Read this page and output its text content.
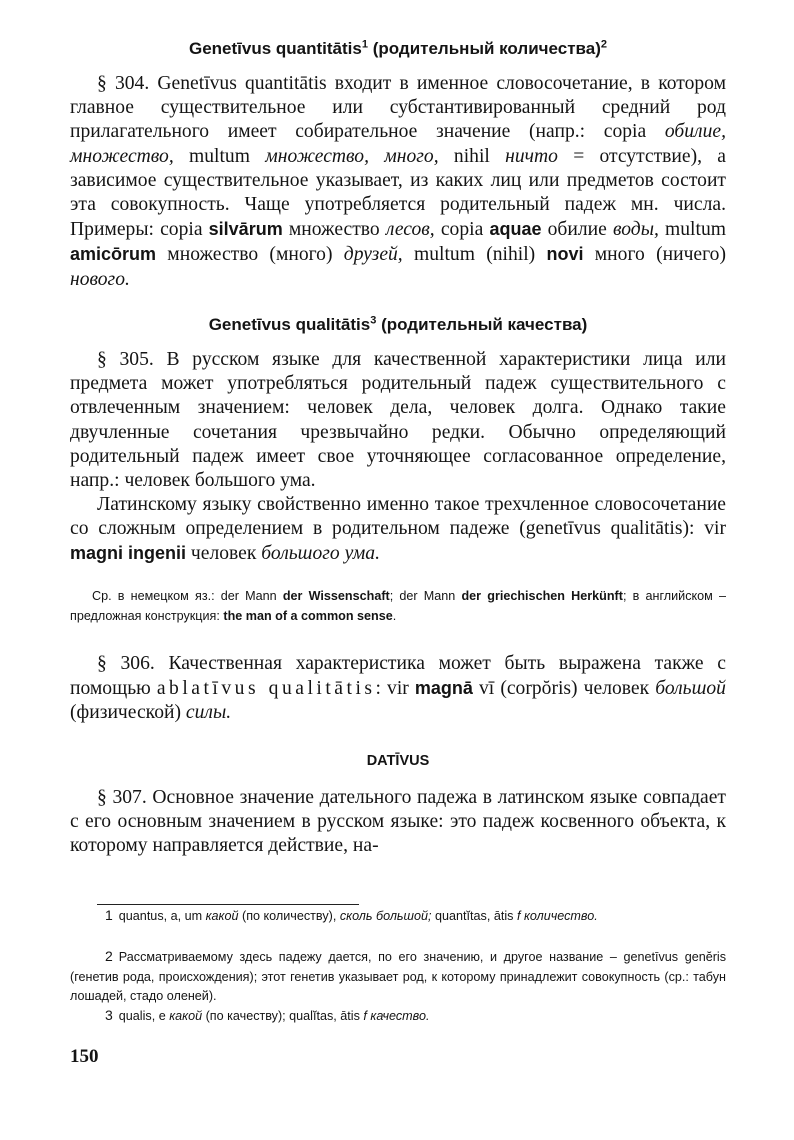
Genetīvus quantitātis$^1$ (родительный количества)$^2$

§ 304. Genetīvus quantitātis входит в именное словосочетание, в котором главное существительное или субстантивированный средний род прилагательного имеет собирательное значение (напр.: copia обилие, множество, multum множество, много, nihil ничто = отсутствие), а зависимое существительное указывает, из каких лиц или предметов состоит эта совокупность. Чаще употребляется родительный падеж мн. числа. Примеры: copia silvārum множество лесов, copia aquae обилие воды, multum amicōrum множество (много) друзей, multum (nihil) novi много (ничего) нового.

Genetīvus qualitātis$^3$ (родительный качества)

§ 305. В русском языке для качественной характеристики лица или предмета может употребляться родительный падеж существительного с отвлеченным значением: человек дела, человек долга. Однако такие двучленные сочетания чрезвычайно редки. Обычно определяющий родительный падеж имеет свое уточняющее согласованное определение, напр.: человек большого ума.

Латинскому языку свойственно именно такое трехчленное словосочетание со сложным определением в родительном падеже (genetīvus qualitātis): vir magni ingenii человек большого ума.

Ср. в немецком яз.: der Mann der Wissenschaft; der Mann der griechischen Herkünft; в английском – предложная конструкция: the man of a common sense.

§ 306. Качественная характеристика может быть выражена также с помощью ablatīvus qualitātis: vir magnā vī (corpŏris) человек большой (физической) силы.

DATĪVUS

§ 307. Основное значение дательного падежа в латинском языке совпадает с его основным значением в русском языке: это падеж косвенного объекта, к которому направляется действие, на-

1 quantus, a, um какой (по количеству), сколь большой; quantĭtas, ātis f количество.

2 Рассматриваемому здесь падежу дается, по его значению, и другое название – genetīvus genĕris (генетив рода, происхождения); этот генетив указывает род, к которому принадлежит совокупность (ср.: табун лошадей, стадо оленей).

3 qualis, e какой (по качеству); qualĭtas, ātis f качество.

150
